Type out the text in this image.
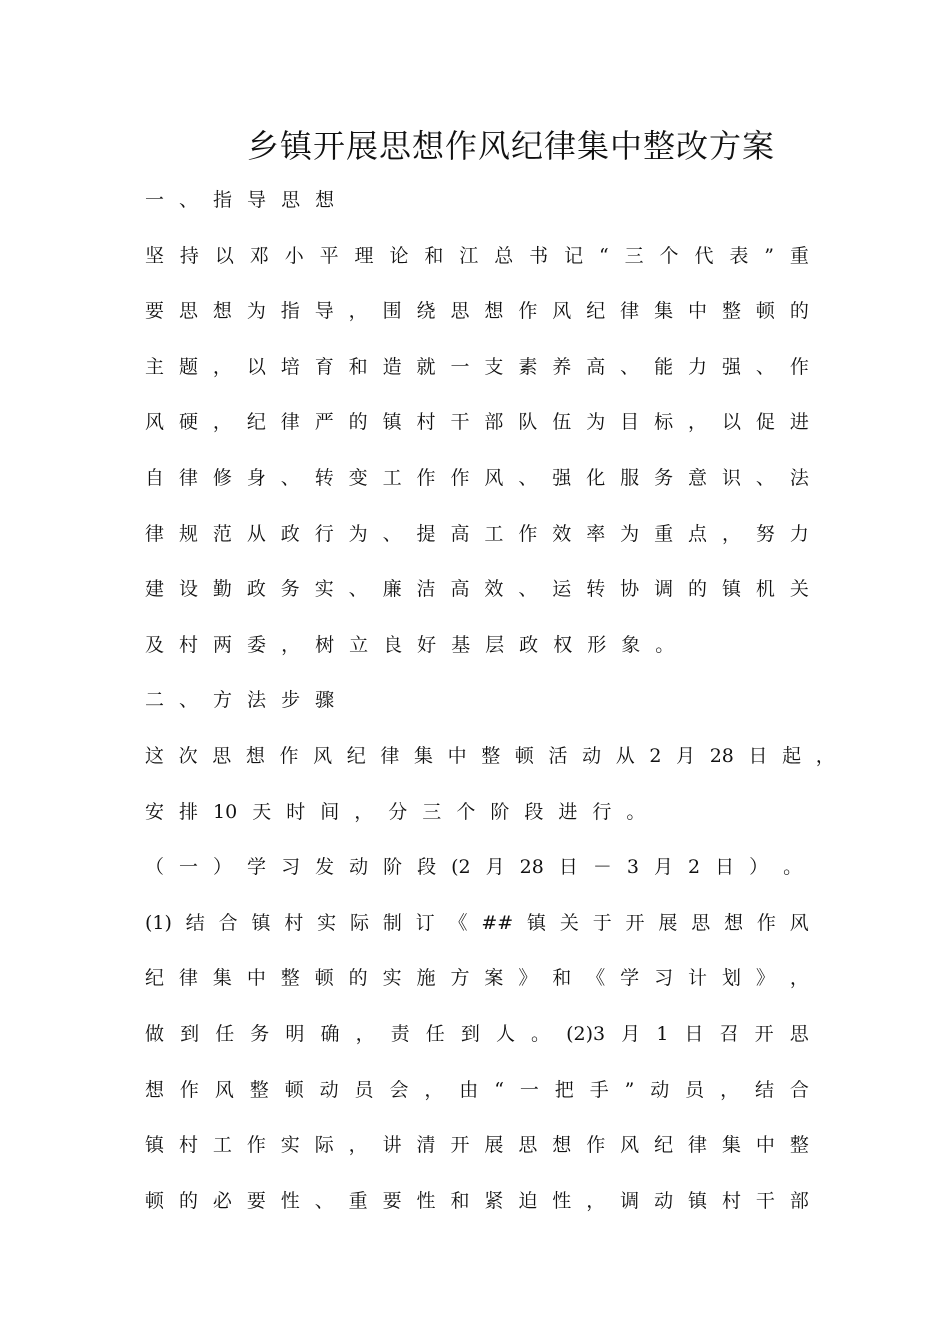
乡镇开展思想作风纪律集中整改方案
一 、 指 导 思 想
坚 持 以 邓 小 平 理 论 和 江 总 书 记 “ 三 个 代 表 ” 重
要 思 想 为 指 导 ， 围 绕 思 想 作 风 纪 律 集 中 整 顿 的
主 题 ， 以 培 育 和 造 就 一 支 素 养 高 、 能 力 强 、 作
风 硬 ， 纪 律 严 的 镇 村 干 部 队 伍 为 目 标 ， 以 促 进
自 律 修 身 、 转 变 工 作 作 风 、 强 化 服 务 意 识 、 法
律 规 范 从 政 行 为 、 提 高 工 作 效 率 为 重 点 ， 努 力
建 设 勤 政 务 实 、 廉 洁 高 效 、 运 转 协 调 的 镇 机 关
及 村 两 委 ， 树 立 良 好 基 层 政 权 形 象 。
二 、 方 法 步 骤
这 次 思 想 作 风 纪 律 集 中 整 顿 活 动 从 2 月 28 日 起 ，
安 排 10 天 时 间 ， 分 三 个 阶 段 进 行 。
（ 一 ） 学 习 发 动 阶 段 (2 月 28 日 － 3 月 2 日 ） 。
(1) 结 合 镇 村 实 际 制 订 《 ## 镇 关 于 开 展 思 想 作 风
纪 律 集 中 整 顿 的 实 施 方 案 》 和 《 学 习 计 划 》 ，
做 到 任 务 明 确 ， 责 任 到 人 。 (2)3 月 1 日 召 开 思
想 作 风 整 顿 动 员 会 ， 由 “ 一 把 手 ” 动 员 ， 结 合
镇 村 工 作 实 际 ， 讲 清 开 展 思 想 作 风 纪 律 集 中 整
顿 的 必 要 性 、 重 要 性 和 紧 迫 性 ， 调 动 镇 村 干 部
